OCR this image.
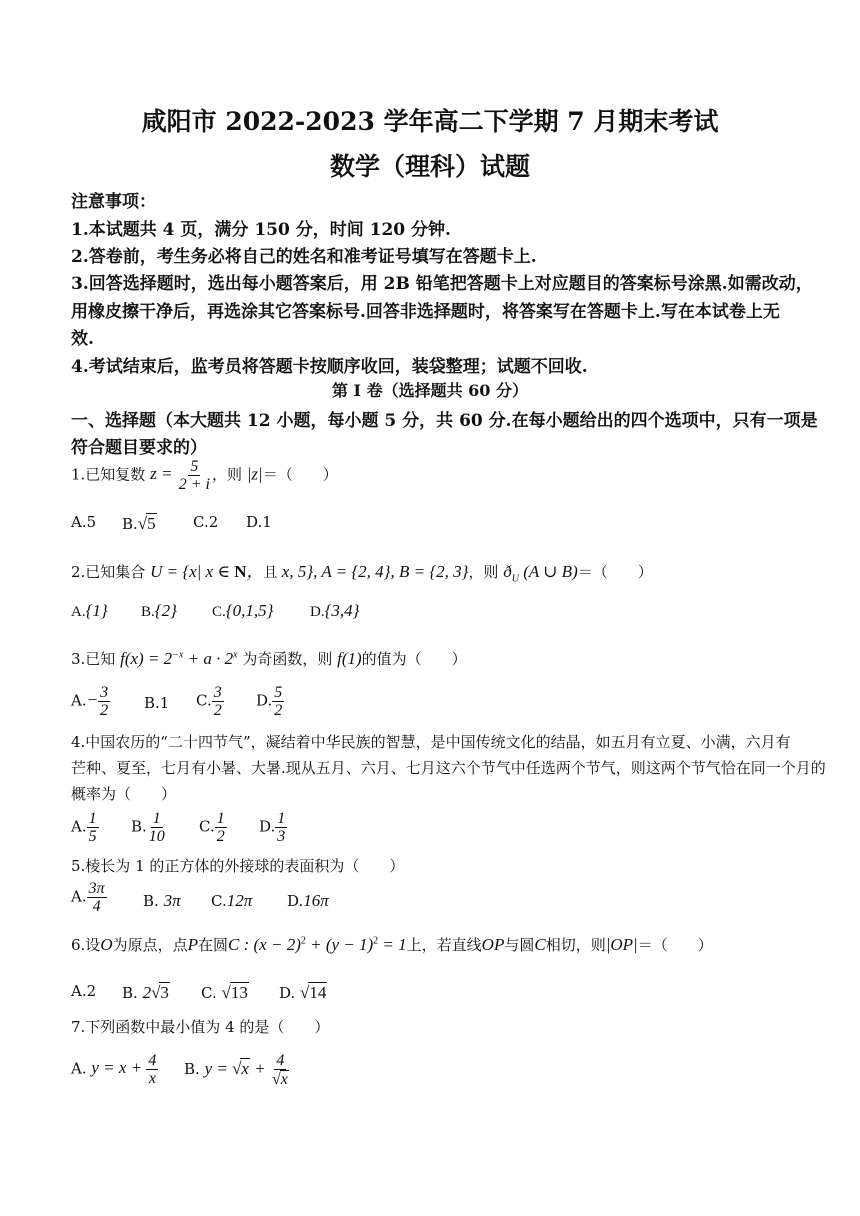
咸阳市 2022-2023 学年高二下学期 7 月期末考试
数学（理科）试题
注意事项：
1.本试题共 4 页，满分 150 分，时间 120 分钟.
2.答卷前，考生务必将自己的姓名和准考证号填写在答题卡上.
3.回答选择题时，选出每小题答案后，用 2B 铅笔把答题卡上对应题目的答案标号涂黑.如需改动，
用橡皮擦干净后，再选涂其它答案标号.回答非选择题时，将答案写在答题卡上.写在本试卷上无
效.
4.考试结束后，监考员将答题卡按顺序收回，装袋整理；试题不回收.
第 I 卷（选择题共 60 分）
一、选择题（本大题共 12 小题，每小题 5 分，共 60 分.在每小题给出的四个选项中，只有一项是
符合题目要求的）
1.已知复数 $z = \frac{5}{2 + i}$ ，则 |z|＝（　　）
A.5 B.√5 C.2 D.1
2.已知集合 U = {x| x ∈ N，且 x, 5}, A = {2, 4}, B = {2, 3}，则 $ð_U$ (A ∪ B)＝（　　）
A.{1} B.{2} C.{0,1,5} D.{3,4}
3.已知 $f(x) = 2^{-x} + a \cdot 2^x$ 为奇函数，则 f(1)的值为（　　）
$A.- \frac{3}{2} B.1$ C. $\frac{3}{2} D$. $\frac{5}{2}$
4.中国农历的“二十四节气”，凝结着中华民族的智慧，是中国传统文化的结晶，如五月有立夏、小满，六月有
芒种、夏至，七月有小暑、大暑.现从五月、六月、七月这六个节气中任选两个节气，则这两个节气恰在同一个月的
概率为（　　）
A. $\frac{1}{5} B$. $\frac{1}{10} C$. $\frac{1}{2} D$. $\frac{1}{3}$
5.棱长为 1 的正方体的外接球的表面积为（　　）
A. $\frac{3\pi}{4} B$. 3π C.12π D.16π
6.设O为原点，点P在圆C : $(x - 2)^2 + (y - 1)^2 = 1$上，若直线OP与圆C相切，则|OP|＝（　　）
A.2 B. 2√3 C. √13 D. √14
7.下列函数中最小值为 4 的是（　　）
A. $y = x + \frac{4}{x} B$. $y = √x + \frac{4}{√x}$
